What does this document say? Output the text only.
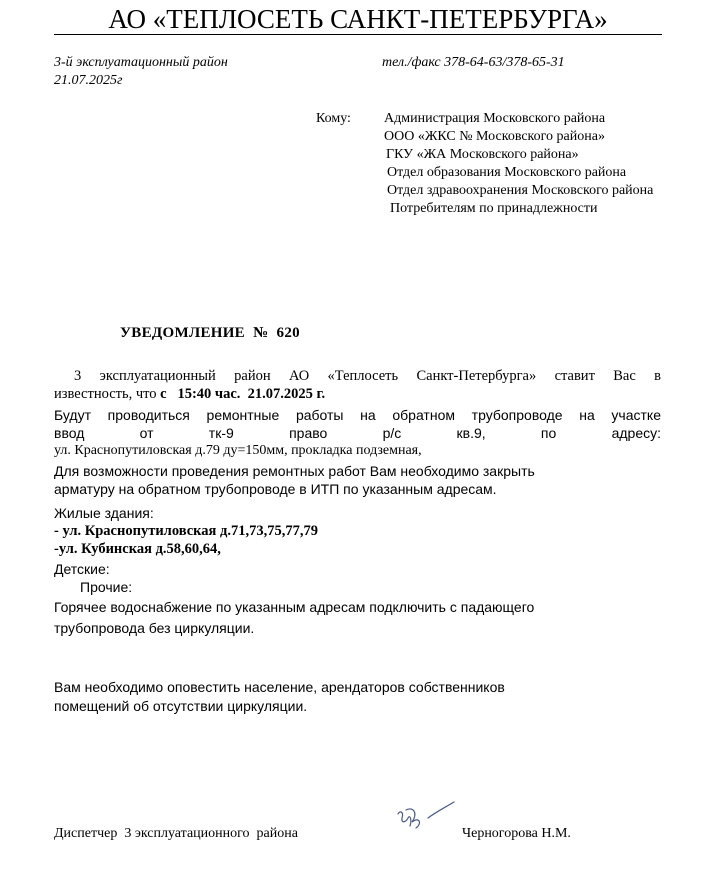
АО «ТЕПЛОСЕТЬ САНКТ-ПЕТЕРБУРГА»
3-й эксплуатационный район
21.07.2025г
тел./факс 378-64-63/378-65-31
Кому: Администрация Московского района
ООО «ЖКС № Московского района»
ГКУ «ЖА Московского района»
Отдел образования Московского района
Отдел здравоохранения Московского района
Потребителям по принадлежности
УВЕДОМЛЕНИЕ  №  620
3 эксплуатационный район АО «Теплосеть Санкт-Петербурга» ставит Вас в
известность, что с   15:40 час.  21.07.2025 г.
Будут проводиться ремонтные работы на обратном трубопроводе на участке
ввод от тк-9 право р/с кв.9, по адресу:
ул. Краснопутиловская д.79 ду=150мм, прокладка подземная,
Для возможности проведения ремонтных работ Вам необходимо закрыть
арматуру на обратном трубопроводе в ИТП по указанным адресам.
Жилые здания:
- ул. Краснопутиловская д.71,73,75,77,79
-ул. Кубинская д.58,60,64,
Детские:
Прочие:
Горячее водоснабжение по указанным адресам подключить с падающего
трубопровода без циркуляции.
Вам необходимо оповестить население, арендаторов собственников
помещений об отсутствии циркуляции.
Диспетчер  3 эксплуатационного  района	Черногорова Н.М.
